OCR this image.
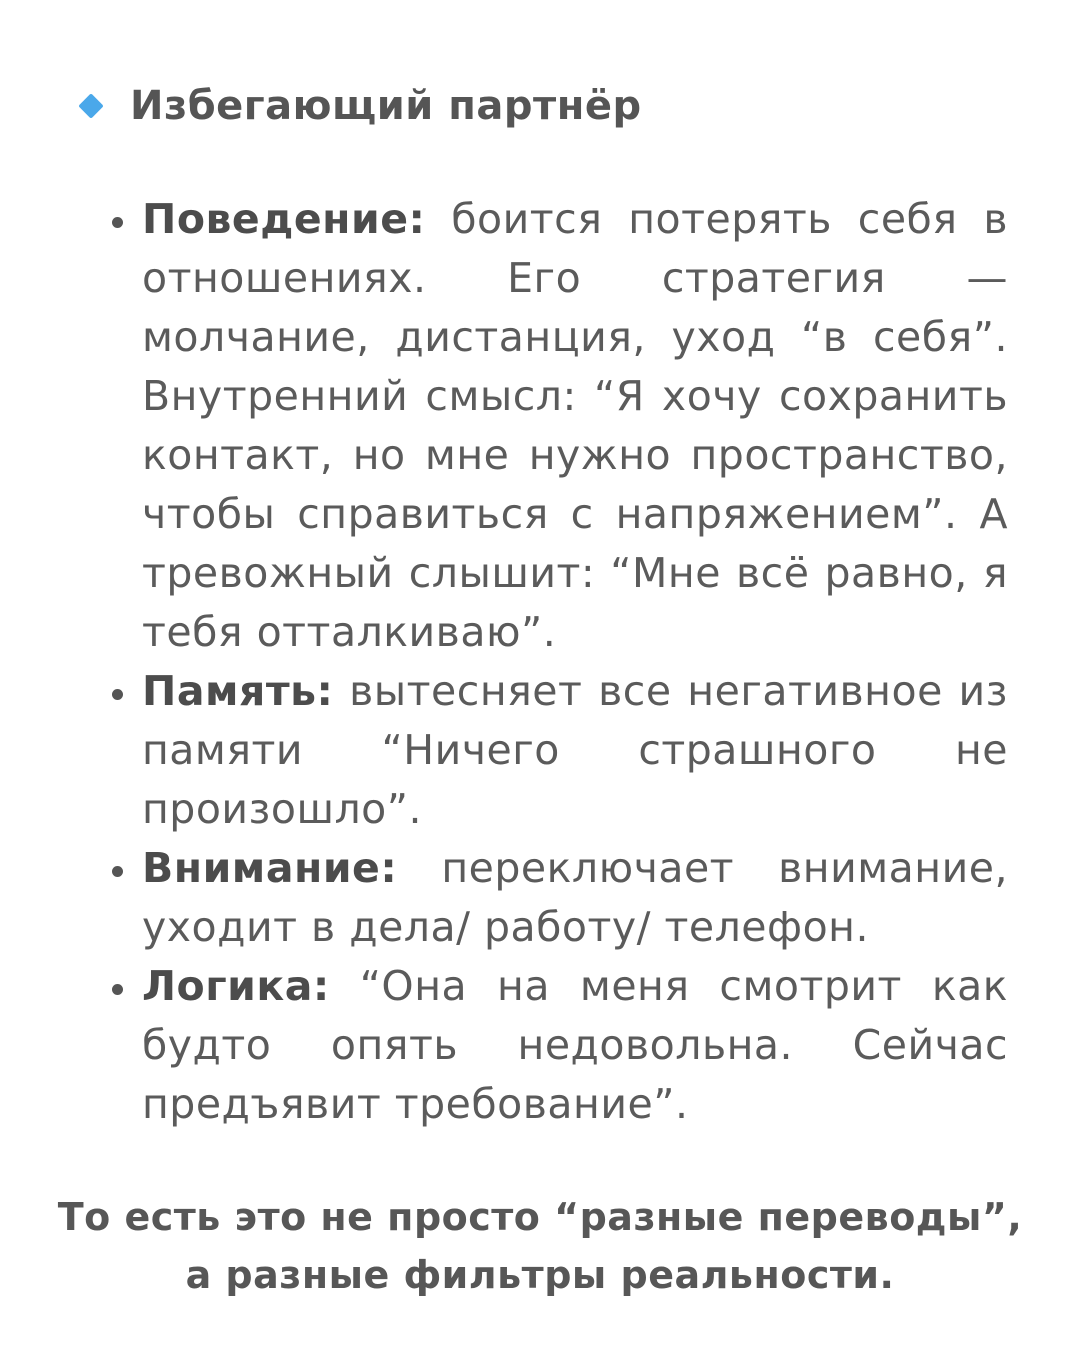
Избегающий партнёр
Поведение: боится потерять себя в отношениях. Его стратегия — молчание, дистанция, уход “в себя”. Внутренний смысл: “Я хочу сохранить контакт, но мне нужно пространство, чтобы справиться с напряжением”. А тревожный слышит: “Мне всё равно, я тебя отталкиваю”.
Память: вытесняет все негативное из памяти “Ничего страшного не произошло”.
Внимание: переключает внимание, уходит в дела/ работу/ телефон.
Логика: “Она на меня смотрит как будто опять недовольна. Сейчас предъявит требование”.
То есть это не просто “разные переводы”,
а разные фильтры реальности.
